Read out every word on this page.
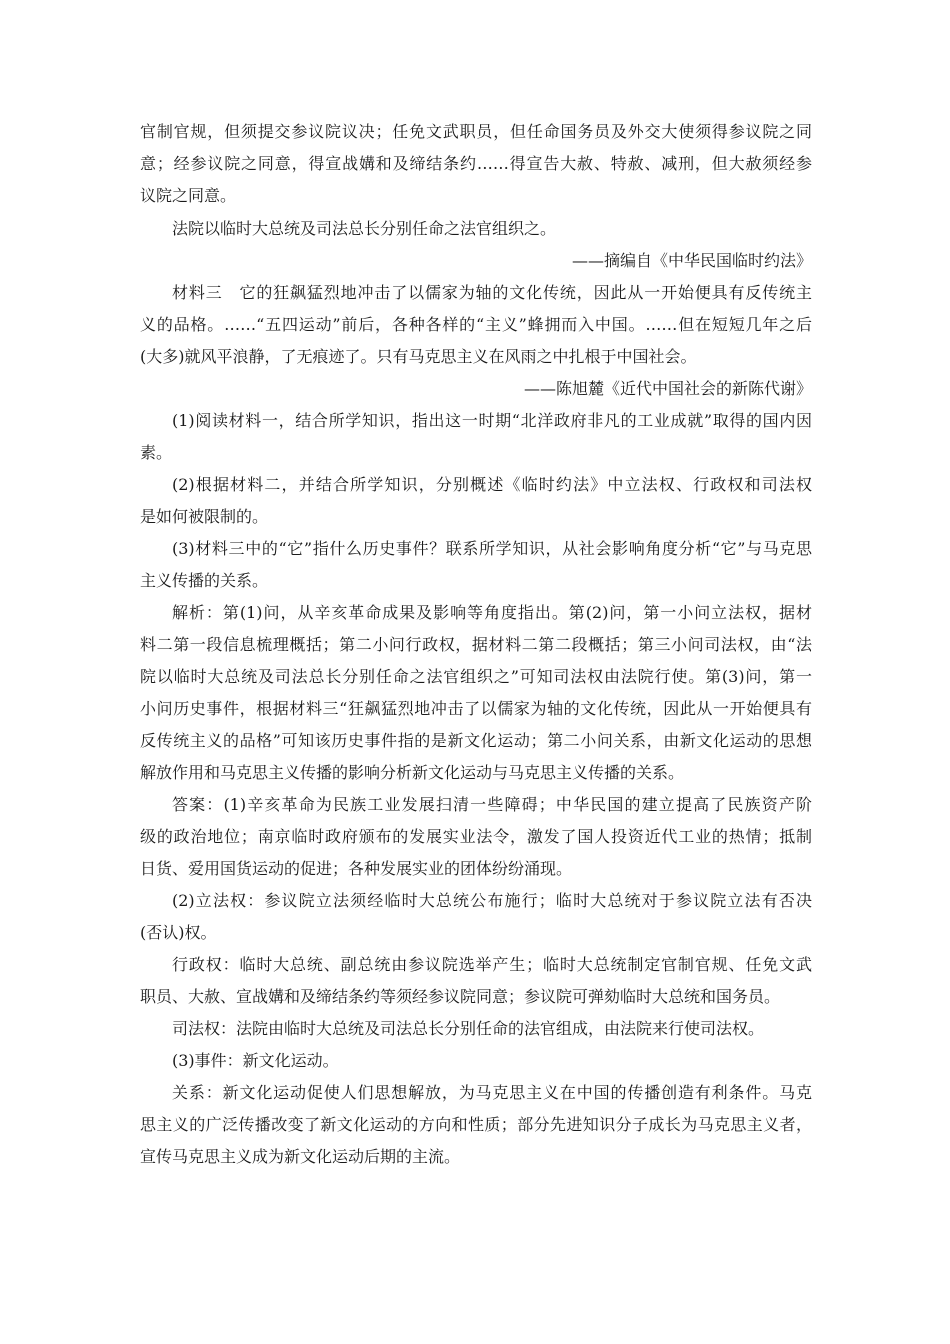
官制官规，但须提交参议院议决；任免文武职员，但任命国务员及外交大使须得参议院之同
意；经参议院之同意，得宣战媾和及缔结条约……得宣告大赦、特赦、减刑，但大赦须经参
议院之同意。
法院以临时大总统及司法总长分别任命之法官组织之。
——摘编自《中华民国临时约法》
材料三　它的狂飙猛烈地冲击了以儒家为轴的文化传统，因此从一开始便具有反传统主
义的品格。……“五四运动”前后，各种各样的“主义”蜂拥而入中国。……但在短短几年之后
(大多)就风平浪静，了无痕迹了。只有马克思主义在风雨之中扎根于中国社会。
——陈旭麓《近代中国社会的新陈代谢》
(1)阅读材料一，结合所学知识，指出这一时期“北洋政府非凡的工业成就”取得的国内因
素。
(2)根据材料二，并结合所学知识，分别概述《临时约法》中立法权、行政权和司法权
是如何被限制的。
(3)材料三中的“它”指什么历史事件？联系所学知识，从社会影响角度分析“它”与马克思
主义传播的关系。
解析：第(1)问，从辛亥革命成果及影响等角度指出。第(2)问，第一小问立法权，据材
料二第一段信息梳理概括；第二小问行政权，据材料二第二段概括；第三小问司法权，由“法
院以临时大总统及司法总长分别任命之法官组织之”可知司法权由法院行使。第(3)问，第一
小问历史事件，根据材料三“狂飙猛烈地冲击了以儒家为轴的文化传统，因此从一开始便具有
反传统主义的品格”可知该历史事件指的是新文化运动；第二小问关系，由新文化运动的思想
解放作用和马克思主义传播的影响分析新文化运动与马克思主义传播的关系。
答案：(1)辛亥革命为民族工业发展扫清一些障碍；中华民国的建立提高了民族资产阶
级的政治地位；南京临时政府颁布的发展实业法令，激发了国人投资近代工业的热情；抵制
日货、爱用国货运动的促进；各种发展实业的团体纷纷涌现。
(2)立法权：参议院立法须经临时大总统公布施行；临时大总统对于参议院立法有否决
(否认)权。
行政权：临时大总统、副总统由参议院选举产生；临时大总统制定官制官规、任免文武
职员、大赦、宣战媾和及缔结条约等须经参议院同意；参议院可弹劾临时大总统和国务员。
司法权：法院由临时大总统及司法总长分别任命的法官组成，由法院来行使司法权。
(3)事件：新文化运动。
关系：新文化运动促使人们思想解放，为马克思主义在中国的传播创造有利条件。马克
思主义的广泛传播改变了新文化运动的方向和性质；部分先进知识分子成长为马克思主义者，
宣传马克思主义成为新文化运动后期的主流。
